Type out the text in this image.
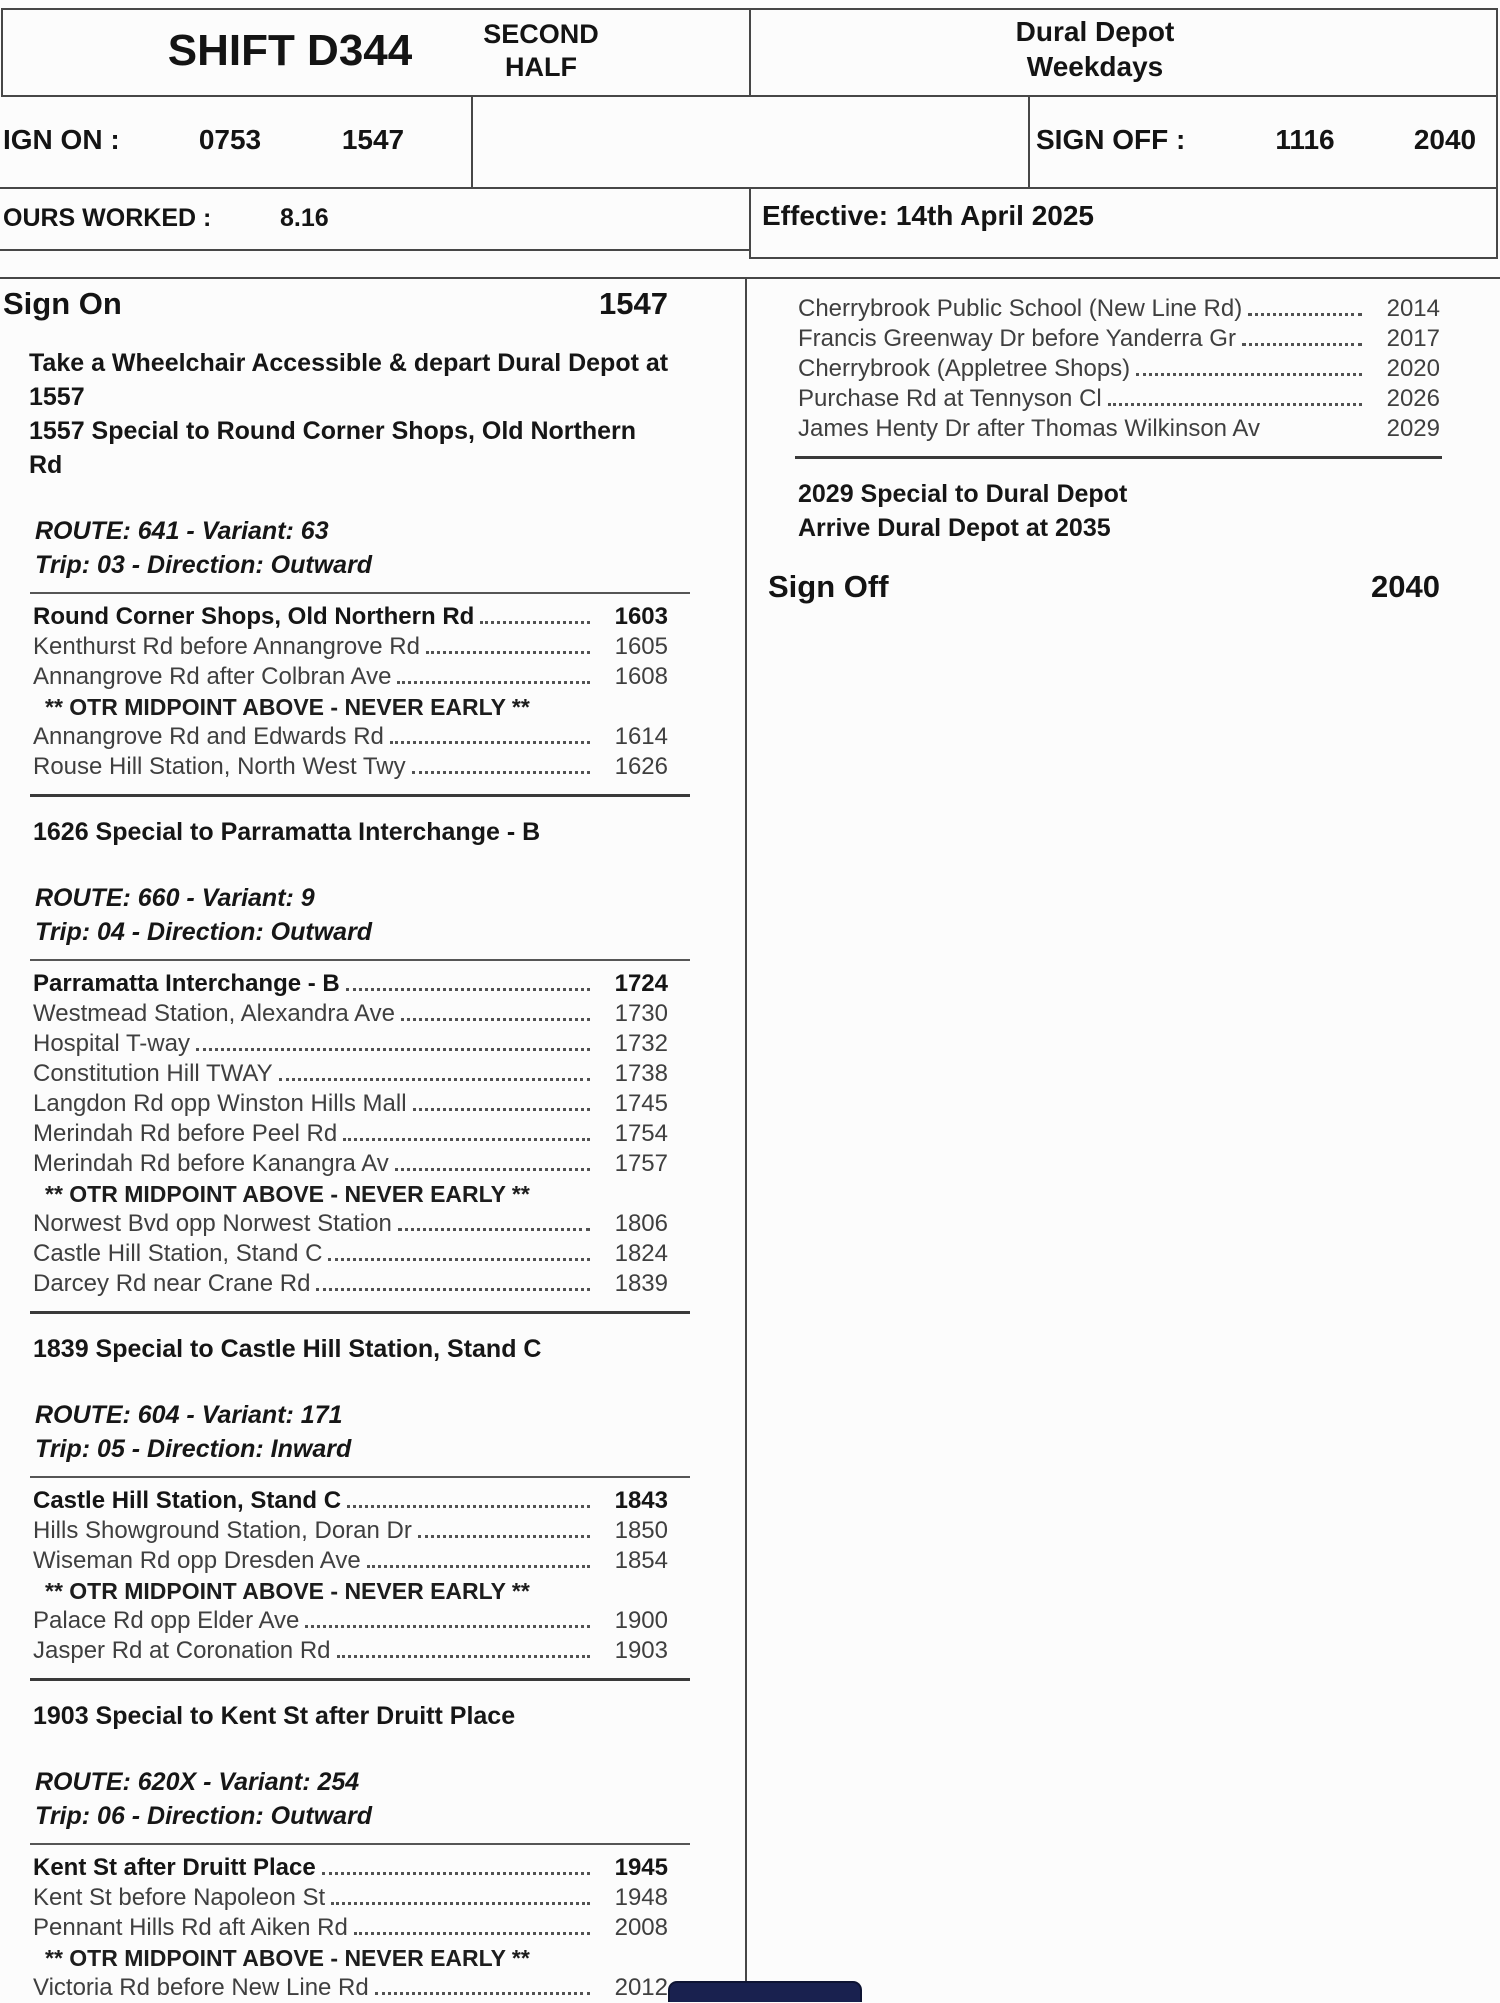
SHIFT D344	SECOND
HALF
Dural Depot
Weekdays
IGN ON :	0753	1547	SIGN OFF :	1116	2040
OURS WORKED :	8.16	Effective: 14th April 2025
Sign On	1547
Take a Wheelchair Accessible & depart Dural Depot at
1557
1557 Special to Round Corner Shops, Old Northern
Rd
ROUTE: 641 - Variant: 63
Trip: 03 - Direction: Outward
Round Corner Shops, Old Northern Rd	1603
Kenthurst Rd before Annangrove Rd	1605
Annangrove Rd after Colbran Ave	1608
** OTR MIDPOINT ABOVE - NEVER EARLY **
Annangrove Rd and Edwards Rd	1614
Rouse Hill Station, North West Twy	1626
1626 Special to Parramatta Interchange - B
ROUTE: 660 - Variant: 9
Trip: 04 - Direction: Outward
Parramatta Interchange - B	1724
Westmead Station, Alexandra Ave	1730
Hospital T-way	1732
Constitution Hill TWAY	1738
Langdon Rd opp Winston Hills Mall	1745
Merindah Rd before Peel Rd	1754
Merindah Rd before Kanangra Av	1757
** OTR MIDPOINT ABOVE - NEVER EARLY **
Norwest Bvd opp Norwest Station	1806
Castle Hill Station, Stand C	1824
Darcey Rd near Crane Rd	1839
1839 Special to Castle Hill Station, Stand C
ROUTE: 604 - Variant: 171
Trip: 05 - Direction: Inward
Castle Hill Station, Stand C	1843
Hills Showground Station, Doran Dr	1850
Wiseman Rd opp Dresden Ave	1854
** OTR MIDPOINT ABOVE - NEVER EARLY **
Palace Rd opp Elder Ave	1900
Jasper Rd at Coronation Rd	1903
1903 Special to Kent St after Druitt Place
ROUTE: 620X - Variant: 254
Trip: 06 - Direction: Outward
Kent St after Druitt Place	1945
Kent St before Napoleon St	1948
Pennant Hills Rd aft Aiken Rd	2008
** OTR MIDPOINT ABOVE - NEVER EARLY **
Victoria Rd before New Line Rd	2012
Cherrybrook Public School (New Line Rd)	2014
Francis Greenway Dr before Yanderra Gr	2017
Cherrybrook (Appletree Shops)	2020
Purchase Rd at Tennyson Cl	2026
James Henty Dr after Thomas Wilkinson Av	2029
2029 Special to Dural Depot
Arrive Dural Depot at 2035
Sign Off	2040
